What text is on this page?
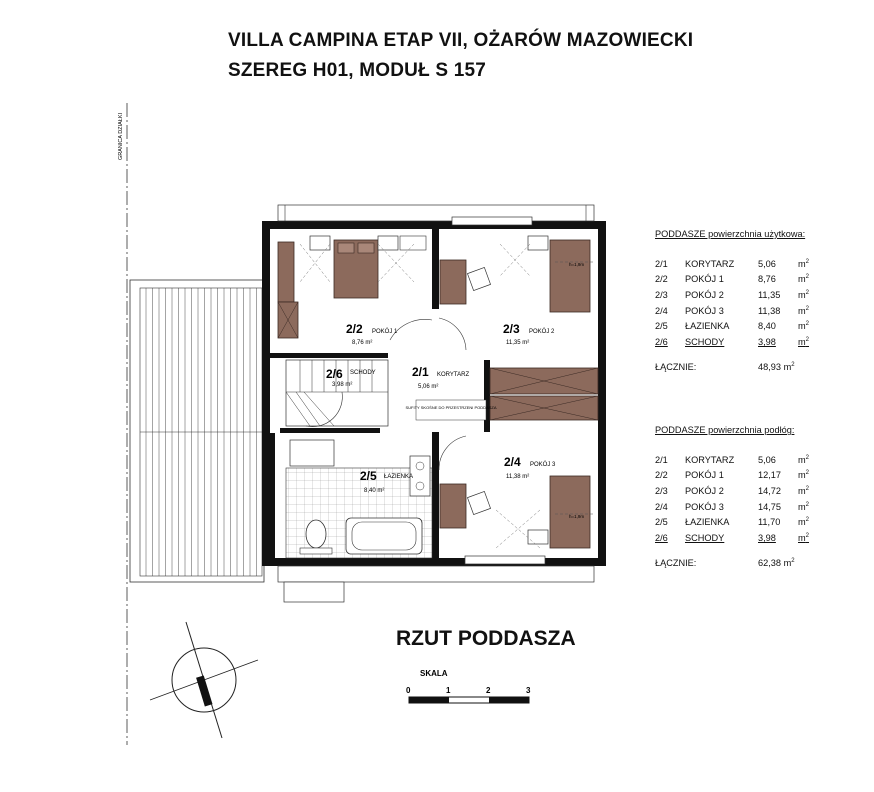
VILLA CAMPINA ETAP VII, OŻARÓW MAZOWIECKI
SZEREG H01, MODUŁ S 157
GRANICA DZIAŁKI
h=1,9m
h=1,9m
SUFITY SKOŚNE DO PRZESTRZENI PODDASZA
2/2 POKÓJ 1
8,76 m²
2/3 POKÓJ 2
11,35 m²
2/6 SCHODY
3,98 m²
2/1 KORYTARZ
5,06 m²
2/4 POKÓJ 3
11,38 m²
2/5 ŁAZIENKA
8,40 m²
SKALA
0	1	2	3
RZUT PODDASZA
PODDASZE powierzchnia użytkowa:
2/1	KORYTARZ	5,06	$m^2$
2/2	POKÓJ 1	8,76	$m^2$
2/3	POKÓJ 2	11,35	$m^2$
2/4	POKÓJ 3	11,38	$m^2$
2/5	ŁAZIENKA	8,40	$m^2$
2/6	SCHODY	3,98	$m^2$
ŁĄCZNIE:	48,93
m 2
PODDASZE powierzchnia podłóg:
2/1	KORYTARZ	5,06	$m^2$
2/2	POKÓJ 1	12,17	$m^2$
2/3	POKÓJ 2	14,72	$m^2$
2/4	POKÓJ 3	14,75	$m^2$
2/5	ŁAZIENKA	11,70	$m^2$
2/6	SCHODY	3,98	$m^2$
ŁĄCZNIE:	62,38
m 2
